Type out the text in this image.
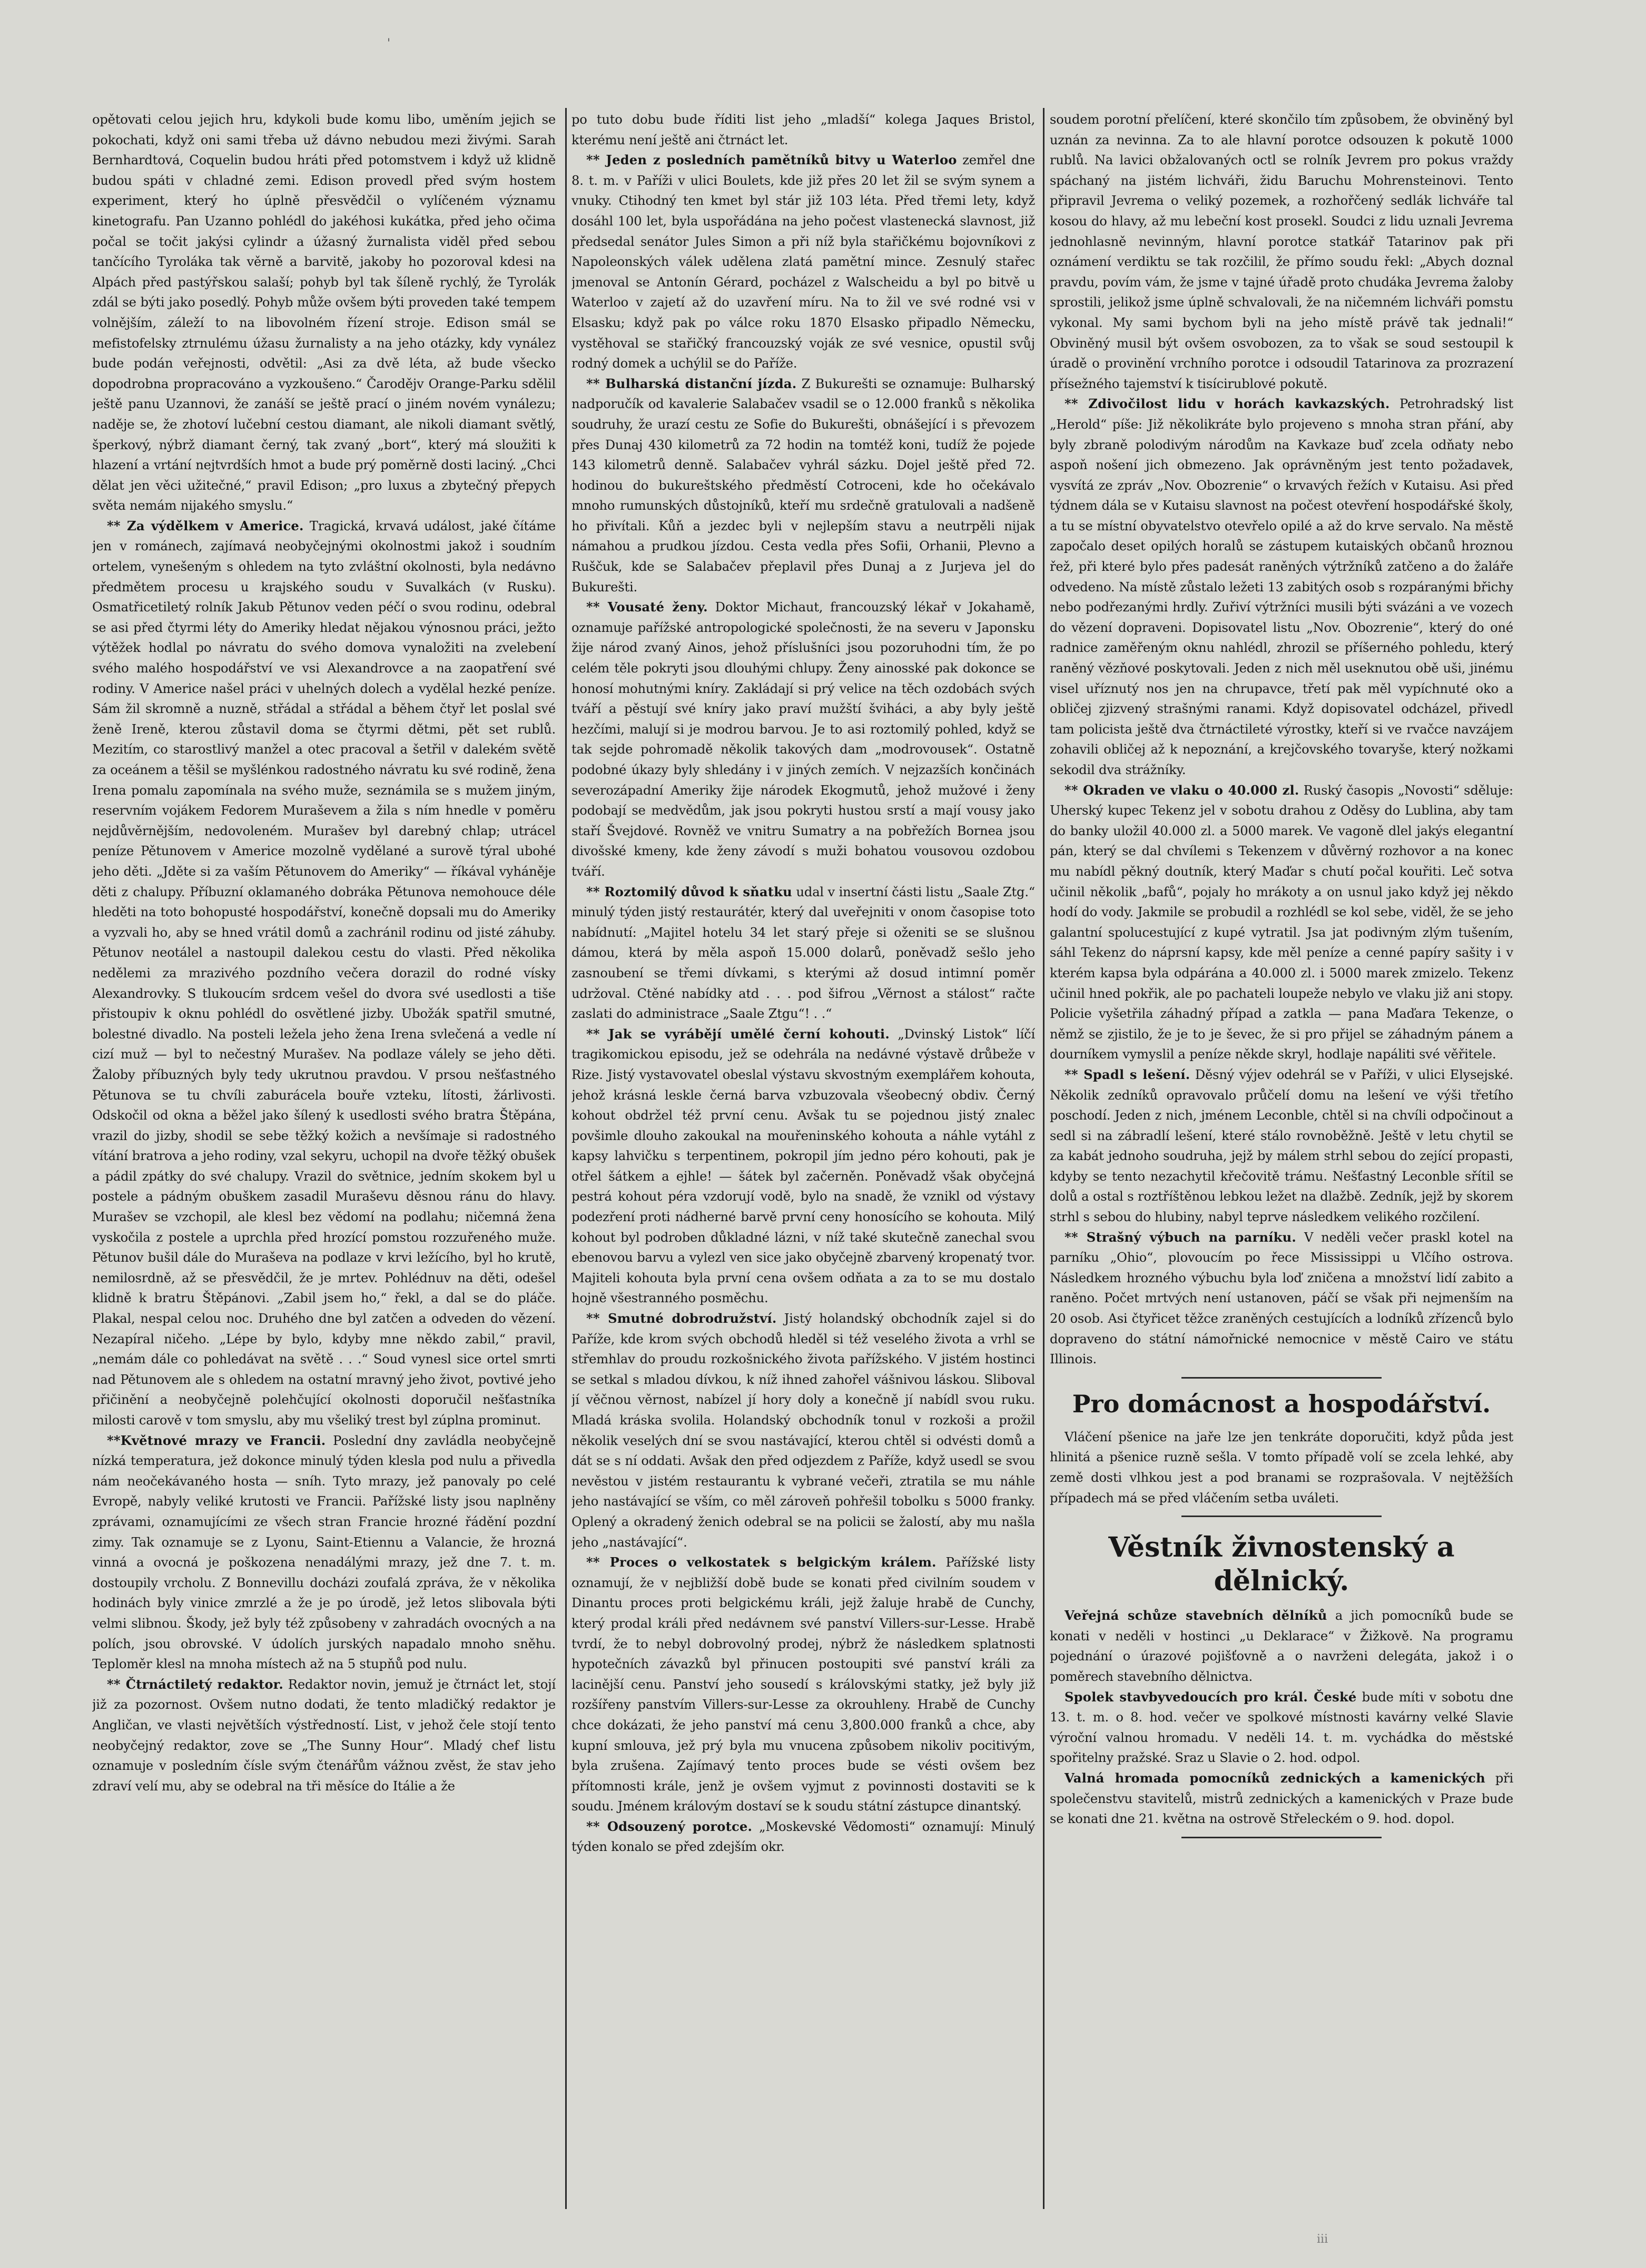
'

opětovati celou jejich hru, kdykoli bude komu libo, uměním jejich se pokochati, když oni sami třeba už dávno nebudou mezi živými. Sarah Bernhardtová, Coquelin budou hráti před potomstvem i když už klidně budou spáti v chladné zemi. Edison provedl před svým hostem experiment, který ho úplně přesvědčil o vylíčeném významu kinetografu. Pan Uzanno pohlédl do jakéhosi kukátka, před jeho očima počal se točit jakýsi cylindr a úžasný žurnalista viděl před sebou tančícího Tyroláka tak věrně a barvitě, jakoby ho pozoroval kdesi na Alpách před pastýřskou salaší; pohyb byl tak šíleně rychlý, že Tyrolák zdál se býti jako posedlý. Pohyb může ovšem býti proveden také tempem volnějším, záleží to na libovolném řízení stroje. Edison smál se mefistofelsky ztrnulému úžasu žurnalisty a na jeho otázky, kdy vynález bude podán veřejnosti, odvětil: „Asi za dvě léta, až bude všecko dopodrobna propracováno a vyzkoušeno.“ Čarodějv Orange-Parku sdělil ještě panu Uzannovi, že zanáší se ještě prací o jiném novém vynálezu; naděje se, že zhotoví lučební cestou diamant, ale nikoli diamant světlý, šperkový, nýbrž diamant černý, tak zvaný „bort“, který má sloužiti k hlazení a vrtání nejtvrdších hmot a bude prý poměrně dosti laciný. „Chci dělat jen věci užitečné,“ pravil Edison; „pro luxus a zbytečný přepych světa nemám nijakého smyslu.“

** Za výdělkem v Americe. Tragická, krvavá událost, jaké čítáme jen v románech, zajímavá neobyčejnými okolnostmi jakož i soudním ortelem, vynešeným s ohledem na tyto zvláštní okolnosti, byla nedávno předmětem procesu u krajského soudu v Suvalkách (v Rusku). Osmatřicetiletý rolník Jakub Pětunov veden péčí o svou rodinu, odebral se asi před čtyrmi léty do Ameriky hledat nějakou výnosnou práci, ježto výtěžek hodlal po návratu do svého domova vynaložiti na zvelebení svého malého hospodářství ve vsi Alexandrovce a na zaopatření své rodiny. V Americe našel práci v uhelných dolech a vydělal hezké peníze. Sám žil skromně a nuzně, střádal a střádal a během čtyř let poslal své ženě Ireně, kterou zůstavil doma se čtyrmi dětmi, pět set rublů. Mezitím, co starostlivý manžel a otec pracoval a šetřil v dalekém světě za oceánem a těšil se myšlénkou radostného návratu ku své rodině, žena Irena pomalu zapomínala na svého muže, seznámila se s mužem jiným, reservním vojákem Fedorem Muraševem a žila s ním hnedle v poměru nejdůvěrnějším, nedovoleném. Murašev byl darebný chlap; utrácel peníze Pětunovem v Americe mozolně vydělané a surově týral ubohé jeho děti. „Jděte si za vaším Pětunovem do Ameriky“ — říkával vyháněje děti z chalupy. Příbuzní oklamaného dobráka Pětunova nemohouce déle hleděti na toto bohopusté hospodářství, konečně dopsali mu do Ameriky a vyzvali ho, aby se hned vrátil domů a zachránil rodinu od jisté záhuby. Pětunov neotálel a nastoupil dalekou cestu do vlasti. Před několika nedělemi za mrazivého pozdního večera dorazil do rodné vísky Alexandrovky. S tlukoucím srdcem vešel do dvora své usedlosti a tiše přistoupiv k oknu pohlédl do osvětlené jizby. Ubožák spatřil smutné, bolestné divadlo. Na posteli ležela jeho žena Irena svlečená a vedle ní cizí muž — byl to nečestný Murašev. Na podlaze válely se jeho děti. Žaloby příbuzných byly tedy ukrutnou pravdou. V prsou nešťastného Pětunova se tu chvíli zaburácela bouře vzteku, lítosti, žárlivosti. Odskočil od okna a běžel jako šílený k usedlosti svého bratra Štěpána, vrazil do jizby, shodil se sebe těžký kožich a nevšímaje si radostného vítání bratrova a jeho rodiny, vzal sekyru, uchopil na dvoře těžký obušek a pádil zpátky do své chalupy. Vrazil do světnice, jedním skokem byl u postele a pádným obuškem zasadil Muraševu děsnou ránu do hlavy. Murašev se vzchopil, ale klesl bez vědomí na podlahu; ničemná žena vyskočila z postele a uprchla před hrozící pomstou rozzuřeného muže. Pětunov bušil dále do Muraševa na podlaze v krvi ležícího, byl ho krutě, nemilosrdně, až se přesvědčil, že je mrtev. Pohlédnuv na děti, odešel klidně k bratru Štěpánovi. „Zabil jsem ho,“ řekl, a dal se do pláče. Plakal, nespal celou noc. Druhého dne byl zatčen a odveden do vězení. Nezapíral ničeho. „Lépe by bylo, kdyby mne někdo zabil,“ pravil, „nemám dále co pohledávat na světě . . .“ Soud vynesl sice ortel smrti nad Pětunovem ale s ohledem na ostatní mravný jeho život, povtivé jeho přičinění a neobyčejně polehčující okolnosti doporučil nešťastníka milosti carově v tom smyslu, aby mu všeliký trest byl zúplna prominut.

**Květnové mrazy ve Francii. Poslední dny zavládla neobyčejně nízká temperatura, jež dokonce minulý týden klesla pod nulu a přivedla nám neočekávaného hosta — sníh. Tyto mrazy, jež panovaly po celé Evropě, nabyly veliké krutosti ve Francii. Pařížské listy jsou naplněny zprávami, oznamujícími ze všech stran Francie hrozné řádění pozdní zimy. Tak oznamuje se z Lyonu, Saint-Etiennu a Valancie, že hrozná vinná a ovocná je poškozena nenadálými mrazy, jež dne 7. t. m. dostoupily vrcholu. Z Bonnevillu docházi zoufalá zpráva, že v několika hodinách byly vinice zmrzlé a že je po úrodě, jež letos slibovala býti velmi slibnou. Škody, jež byly též způsobeny v zahradách ovocných a na polích, jsou obrovské. V údolích jurských napadalo mnoho sněhu. Teploměr klesl na mnoha místech až na 5 stupňů pod nulu.

** Čtrnáctiletý redaktor. Redaktor novin, jemuž je čtrnáct let, stojí již za pozornost. Ovšem nutno dodati, že tento mladičký redaktor je Angličan, ve vlasti největších výstředností. List, v jehož čele stojí tento neobyčejný redaktor, zove se „The Sunny Hour“. Mladý chef listu oznamuje v posledním čísle svým čtenářům vážnou zvěst, že stav jeho zdraví velí mu, aby se odebral na tři měsíce do Itálie a že

po tuto dobu bude říditi list jeho „mladší“ kolega Jaques Bristol, kterému není ještě ani čtrnáct let.

** Jeden z posledních pamětníků bitvy u Waterloo zemřel dne 8. t. m. v Paříži v ulici Boulets, kde již přes 20 let žil se svým synem a vnuky. Ctihodný ten kmet byl stár již 103 léta. Před třemi lety, když dosáhl 100 let, byla uspořádána na jeho počest vlastenecká slavnost, již předsedal senátor Jules Simon a při níž byla stařičkému bojovníkovi z Napoleonských válek udělena zlatá pamětní mince. Zesnulý stařec jmenoval se Antonín Gérard, pocházel z Walscheidu a byl po bitvě u Waterloo v zajetí až do uzavření míru. Na to žil ve své rodné vsi v Elsasku; když pak po válce roku 1870 Elsasko připadlo Německu, vystěhoval se stařičký francouzský voják ze své vesnice, opustil svůj rodný domek a uchýlil se do Paříže.

** Bulharská distanční jízda. Z Bukurešti se oznamuje: Bulharský nadporučík od kavalerie Salabačev vsadil se o 12.000 franků s několika soudruhy, že urazí cestu ze Sofie do Bukurešti, obnášející i s převozem přes Dunaj 430 kilometrů za 72 hodin na tomtéž koni, tudíž že pojede 143 kilometrů denně. Salabačev vyhrál sázku. Dojel ještě před 72. hodinou do bukureštského předměstí Cotroceni, kde ho očekávalo mnoho rumunských důstojníků, kteří mu srdečně gratulovali a nadšeně ho přivítali. Kůň a jezdec byli v nejlepším stavu a neutrpěli nijak námahou a prudkou jízdou. Cesta vedla přes Sofii, Orhanii, Plevno a Ruščuk, kde se Salabačev přeplavil přes Dunaj a z Jurjeva jel do Bukurešti.

** Vousaté ženy. Doktor Michaut, francouzský lékař v Jokahamě, oznamuje pařížské antropologické společnosti, že na severu v Japonsku žije národ zvaný Ainos, jehož příslušníci jsou pozoruhodni tím, že po celém těle pokryti jsou dlouhými chlupy. Ženy ainosské pak dokonce se honosí mohutnými kníry. Zakládají si prý velice na těch ozdobách svých tváří a pěstují své kníry jako praví mužští šviháci, a aby byly ještě hezčími, malují si je modrou barvou. Je to asi roztomilý pohled, když se tak sejde pohromadě několik takových dam „modrovousek“. Ostatně podobné úkazy byly shledány i v jiných zemích. V nejzazších končinách severozápadní Ameriky žije národek Ekogmutů, jehož mužové i ženy podobají se medvědům, jak jsou pokryti hustou srstí a mají vousy jako staří Švejdové. Rovněž ve vnitru Sumatry a na pobřežích Bornea jsou divošské kmeny, kde ženy závodí s muži bohatou vousovou ozdobou tváří.

** Roztomilý důvod k sňatku udal v insertní části listu „Saale Ztg.“ minulý týden jistý restaurátér, který dal uveřejniti v onom časopise toto nabídnutí: „Majitel hotelu 34 let starý přeje si oženiti se se slušnou dámou, která by měla aspoň 15.000 dolarů, poněvadž sešlo jeho zasnoubení se třemi dívkami, s kterými až dosud intimní poměr udržoval. Ctěné nabídky atd . . . pod šifrou „Věrnost a stálost“ račte zaslati do administrace „Saale Ztgu“! . .“

** Jak se vyrábějí umělé černí kohouti. „Dvinský Listok“ líčí tragikomickou episodu, jež se odehrála na nedávné výstavě drůbeže v Rize. Jistý vystavovatel obeslal výstavu skvostným exemplářem kohouta, jehož krásná leskle černá barva vzbuzovala všeobecný obdiv. Černý kohout obdržel též první cenu. Avšak tu se pojednou jistý znalec povšimle dlouho zakoukal na mouřeninského kohouta a náhle vytáhl z kapsy lahvičku s terpentinem, pokropil jím jedno péro kohouti, pak je otřel šátkem a ejhle! — šátek byl začerněn. Poněvadž však obyčejná pestrá kohout péra vzdorují vodě, bylo na snadě, že vznikl od výstavy podezření proti nádherné barvě první ceny honosícího se kohouta. Milý kohout byl podroben důkladné lázni, v níž také skutečně zanechal svou ebenovou barvu a vylezl ven sice jako obyčejně zbarvený kropenatý tvor. Majiteli kohouta byla první cena ovšem odňata a za to se mu dostalo hojně všestranného posměchu.

** Smutné dobrodružství. Jistý holandský obchodník zajel si do Paříže, kde krom svých obchodů hleděl si též veselého života a vrhl se střemhlav do proudu rozkošnického života pařížského. V jistém hostinci se setkal s mladou dívkou, k níž ihned zahořel vášnivou láskou. Sliboval jí věčnou věrnost, nabízel jí hory doly a konečně jí nabídl svou ruku. Mladá kráska svolila. Holandský obchodník tonul v rozkoši a prožil několik veselých dní se svou nastávající, kterou chtěl si odvésti domů a dát se s ní oddati. Avšak den před odjezdem z Paříže, když usedl se svou nevěstou v jistém restaurantu k vybrané večeři, ztratila se mu náhle jeho nastávající se vším, co měl zároveň pohřešil tobolku s 5000 franky. Oplený a okradený ženich odebral se na policii se žalostí, aby mu našla jeho „nastávající“.

** Proces o velkostatek s belgickým králem. Pařížské listy oznamují, že v nejbližší době bude se konati před civilním soudem v Dinantu proces proti belgickému králi, jejž žaluje hrabě de Cunchy, který prodal králi před nedávnem své panství Villers-sur-Lesse. Hrabě tvrdí, že to nebyl dobrovolný prodej, nýbrž že následkem splatnosti hypotečních závazků byl přinucen postoupiti své panství králi za lacinější cenu. Panství jeho sousedí s královskými statky, jež byly již rozšířeny panstvím Villers-sur-Lesse za okrouhleny. Hrabě de Cunchy chce dokázati, že jeho panství má cenu 3,800.000 franků a chce, aby kupní smlouva, jež prý byla mu vnucena způsobem nikoliv pocitivým, byla zrušena. Zajímavý tento proces bude se vésti ovšem bez přítomnosti krále, jenž je ovšem vyjmut z povinnosti dostaviti se k soudu. Jménem královým dostaví se k soudu státní zástupce dinantský.

** Odsouzený porotce. „Moskevské Vědomosti“ oznamují: Minulý týden konalo se před zdejším okr.

soudem porotní přelíčení, které skončilo tím způsobem, že obviněný byl uznán za nevinna. Za to ale hlavní porotce odsouzen k pokutě 1000 rublů. Na lavici obžalovaných octl se rolník Jevrem pro pokus vraždy spáchaný na jistém lichváři, židu Baruchu Mohrensteinovi. Tento připravil Jevrema o veliký pozemek, a rozhořčený sedlák lichváře tal kosou do hlavy, až mu lebeční kost prosekl. Soudci z lidu uznali Jevrema jednohlasně nevinným, hlavní porotce statkář Tatarinov pak při oznámení verdiktu se tak rozčilil, že přímo soudu řekl: „Abych doznal pravdu, povím vám, že jsme v tajné úřadě proto chudáka Jevrema žaloby sprostili, jelikož jsme úplně schvalovali, že na ničemném lichváři pomstu vykonal. My sami bychom byli na jeho místě právě tak jednali!“ Obviněný musil být ovšem osvobozen, za to však se soud sestoupil k úradě o provinění vrchního porotce i odsoudil Tatarinova za prozrazení přísežného tajemství k tisícirublové pokutě.

** Zdivočilost lidu v horách kavkazských. Petrohradský list „Herold“ píše: Již několikráte bylo projeveno s mnoha stran přání, aby byly zbraně polodivým národům na Kavkaze buď zcela odňaty nebo aspoň nošení jich obmezeno. Jak oprávněným jest tento požadavek, vysvítá ze zpráv „Nov. Obozrenie“ o krvavých řežích v Kutaisu. Asi před týdnem dála se v Kutaisu slavnost na počest otevření hospodářské školy, a tu se místní obyvatelstvo otevřelo opilé a až do krve servalo. Na městě započalo deset opilých horalů se zástupem kutaiských občanů hroznou řež, při které bylo přes padesát raněných výtržníků zatčeno a do žaláře odvedeno. Na místě zůstalo ležeti 13 zabitých osob s rozpáranými břichy nebo podřezanými hrdly. Zuřiví výtržníci musili býti svázáni a ve vozech do vězení dopraveni. Dopisovatel listu „Nov. Obozrenie“, který do oné radnice zaměřeným oknu nahlédl, zhrozil se příšerného pohledu, který raněný vězňové poskytovali. Jeden z nich měl useknutou obě uši, jinému visel uříznutý nos jen na chrupavce, třetí pak měl vypíchnuté oko a obličej zjizvený strašnými ranami. Když dopisovatel odcházel, přivedl tam policista ještě dva čtrnáctileté výrostky, kteří si ve rvačce navzájem zohavili obličej až k nepoznání, a krejčovského tovaryše, který nožkami sekodil dva strážníky.

** Okraden ve vlaku o 40.000 zl. Ruský časopis „Novosti“ sděluje: Uherský kupec Tekenz jel v sobotu drahou z Oděsy do Lublina, aby tam do banky uložil 40.000 zl. a 5000 marek. Ve vagoně dlel jakýs elegantní pán, který se dal chvílemi s Tekenzem v důvěrný rozhovor a na konec mu nabídl pěkný doutník, který Maďar s chutí počal kouřiti. Leč sotva učinil několik „bafů“, pojaly ho mrákoty a on usnul jako když jej někdo hodí do vody. Jakmile se probudil a rozhlédl se kol sebe, viděl, že se jeho galantní spolucestující z kupé vytratil. Jsa jat podivným zlým tušením, sáhl Tekenz do náprsní kapsy, kde měl peníze a cenné papíry sašity i v kterém kapsa byla odpárána a 40.000 zl. i 5000 marek zmizelo. Tekenz učinil hned pokřik, ale po pachateli loupeže nebylo ve vlaku již ani stopy. Policie vyšetřila záhadný případ a zatkla — pana Maďara Tekenze, o němž se zjistilo, že je to je ševec, že si pro přijel se záhadným pánem a dourníkem vymyslil a peníze někde skryl, hodlaje napáliti své věřitele.

** Spadl s lešení. Děsný výjev odehrál se v Paříži, v ulici Elysejské. Několik zedníků opravovalo průčelí domu na lešení ve výši třetího poschodí. Jeden z nich, jménem Leconble, chtěl si na chvíli odpočinout a sedl si na zábradlí lešení, které stálo rovnoběžně. Ještě v letu chytil se za kabát jednoho soudruha, jejž by málem strhl sebou do zející propasti, kdyby se tento nezachytil křečovitě trámu. Nešťastný Leconble sřítil se dolů a ostal s roztříštěnou lebkou ležet na dlažbě. Zedník, jejž by skorem strhl s sebou do hlubiny, nabyl teprve následkem velikého rozčilení.

** Strašný výbuch na parníku. V neděli večer praskl kotel na parníku „Ohio“, plovoucím po řece Mississippi u Vlčího ostrova. Následkem hrozného výbuchu byla loď zničena a množství lidí zabito a raněno. Počet mrtvých není ustanoven, páčí se však při nejmenším na 20 osob. Asi čtyřicet těžce zraněných cestujících a lodníků zřízenců bylo dopraveno do státní námořnické nemocnice v městě Cairo ve státu Illinois.

Pro domácnost a hospodářství.

Vláčení pšenice na jaře lze jen tenkráte doporučiti, když půda jest hlinitá a pšenice ruzně sešla. V tomto případě volí se zcela lehké, aby země dosti vlhkou jest a pod branami se rozprašovala. V nejtěžších případech má se před vláčením setba uváleti.

Věstník živnostenský a dělnický.

Veřejná schůze stavebních dělníků a jich pomocníků bude se konati v neděli v hostinci „u Deklarace“ v Žižkově. Na programu pojednání o úrazové pojišťovně a o navrženi delegáta, jakož i o poměrech stavebního dělnictva.

Spolek stavbyvedoucích pro král. České bude míti v sobotu dne 13. t. m. o 8. hod. večer ve spolkové místnosti kavárny velké Slavie výroční valnou hromadu. V neděli 14. t. m. vychádka do městské spořitelny pražské. Sraz u Slavie o 2. hod. odpol.

Valná hromada pomocníků zednických a kamenických při společenstvu stavitelů, mistrů zednických a kamenických v Praze bude se konati dne 21. května na ostrově Střeleckém o 9. hod. dopol.

iii
